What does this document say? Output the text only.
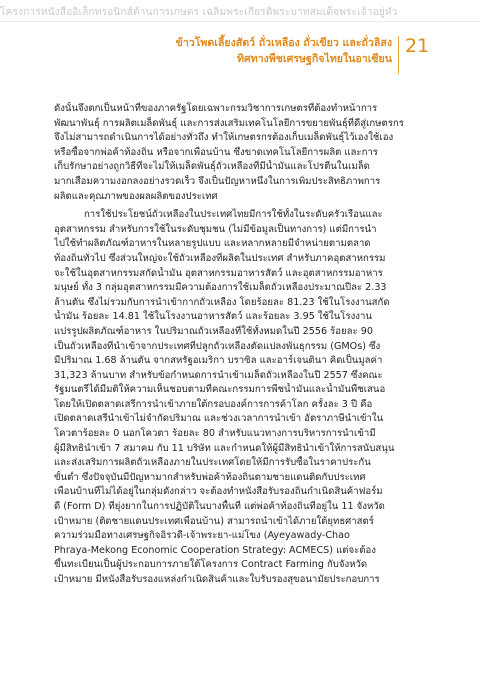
โครงการหนังสืออิเล็กทรอนิกส์ด้านการเกษตร เฉลิมพระเกียรติพระบาทสมเด็จพระเจ้าอยู่หัว
ข้าวโพดเลี้ยงสัตว์ ถั่วเหลือง ถั่วเขียว และถั่วลิสง
ทิศทางพืชเศรษฐกิจไทยในอาเซียน
21
ดังนั้นจึงตกเป็นหน้าที่ของภาครัฐโดยเฉพาะกรมวิชาการเกษตรที่ต้องทำหน้าการ
พัฒนาพันธุ์ การผลิตเมล็ดพันธุ์ และการส่งเสริมเทคโนโลยีการขยายพันธุ์ที่ดีสู่เกษตรกร
จึงไม่สามารถดำเนินการได้อย่างทั่วถึง ทำให้เกษตรกรต้องเก็บเมล็ดพันธุ์ไว้เองใช้เอง
หรือซื้อจากพ่อค้าท้องถิ่น หรือจากเพื่อนบ้าน ซึ่งขาดเทคโนโลยีการผลิต และการ
เก็บรักษาอย่างถูกวิธีที่จะไม่ให้เมล็ดพันธุ์ถั่วเหลืองที่มีน้ำมันและโปรตีนในเมล็ด
มากเสื่อมความงอกลงอย่างรวดเร็ว จึงเป็นปัญหาหนึ่งในการเพิ่มประสิทธิภาพการ
ผลิตและคุณภาพของผลผลิตของประเทศ
การใช้ประโยชน์ถั่วเหลืองในประเทศไทยมีการใช้ทั้งในระดับครัวเรือนและ
อุตสาหกรรม สำหรับการใช้ในระดับชุมชน (ไม่มีข้อมูลเป็นทางการ) แต่มีการนำ
ไปใช้ทำผลิตภัณฑ์อาหารในหลายรูปแบบ และหลากหลายมีจำหน่ายตามตลาด
ท้องถิ่นทั่วไป ซึ่งส่วนใหญ่จะใช้ถั่วเหลืองที่ผลิตในประเทศ สำหรับภาคอุตสาหกรรม
จะใช้ในอุตสาหกรรมสกัดน้ำมัน อุตสาหกรรมอาหารสัตว์ และอุตสาหกรรมอาหาร
มนุษย์ ทั้ง 3 กลุ่มอุตสาหกรรมมีความต้องการใช้เมล็ดถั่วเหลืองประมาณปีละ 2.33
ล้านตัน ซึ่งไม่รวมกับการนำเข้ากากถั่วเหลือง โดยร้อยละ 81.23 ใช้ในโรงงานสกัด
น้ำมัน ร้อยละ 14.81 ใช้ในโรงงานอาหารสัตว์ และร้อยละ 3.95 ใช้ในโรงงาน
แปรรูปผลิตภัณฑ์อาหาร ในปริมาณถั่วเหลืองที่ใช้ทั้งหมดในปี 2556 ร้อยละ 90
เป็นถั่วเหลืองที่นำเข้าจากประเทศที่ปลูกถั่วเหลืองตัดแปลงพันธุกรรม (GMOs) ซึ่ง
มีปริมาณ 1.68 ล้านตัน จากสหรัฐอเมริกา บราซิล และอาร์เจนตินา คิดเป็นมูลค่า
31,323 ล้านบาท สำหรับข้อกำหนดการนำเข้าเมล็ดถั่วเหลืองในปี 2557 ซึ่งคณะ
รัฐมนตรีได้มีมติให้ความเห็นชอบตามที่คณะกรรมการพืชน้ำมันและน้ำมันพืชเสนอ
โดยให้เปิดตลาดเสรีการนำเข้าภายใต้กรอบองค์การการค้าโลก ครั้งละ 3 ปี คือ
เปิดตลาดเสรีนำเข้าไม่จำกัดปริมาณ และช่วงเวลาการนำเข้า อัตราภาษีนำเข้าใน
โควตาร้อยละ 0 นอกโควตา ร้อยละ 80 สำหรับแนวทางการบริหารการนำเข้ามี
ผู้มีสิทธินำเข้า 7 สมาคม กับ 11 บริษัท และกำหนดให้ผู้มีสิทธินำเข้าให้การสนับสนุน
และส่งเสริมการผลิตถั่วเหลืองภายในประเทศโดยให้มีการรับซื้อในราคาประกัน
ขั้นต่ำ ซึ่งปัจจุบันมีปัญหามากสำหรับพ่อค้าท้องถิ่นตามชายแดนติดกับประเทศ
เพื่อนบ้านที่ไม่ได้อยู่ในกลุ่มดังกล่าว จะต้องทำหนังสือรับรองถิ่นกำเนิดสินค้าฟอร์ม
ดี (Form D) ที่ยุ่งยากในการปฏิบัติในบางพื้นที่ แต่พ่อค้าท้องถิ่นที่อยู่ใน 11 จังหวัด
เป้าหมาย (ติดชายแดนประเทศเพื่อนบ้าน) สามารถนำเข้าได้ภายใต้ยุทธศาสตร์
ความร่วมมือทางเศรษฐกิจอิรวดี-เจ้าพระยา-แม่โขง (Ayeyawady-Chao
Phraya-Mekong Economic Cooperation Strategy: ACMECS) แต่จะต้อง
ขึ้นทะเบียนเป็นผู้ประกอบการภายใต้โครงการ Contract Farming กับจังหวัด
เป้าหมาย มีหนังสือรับรองแหล่งกำเนิดสินค้าและใบรับรองสุขอนามัยประกอบการ
